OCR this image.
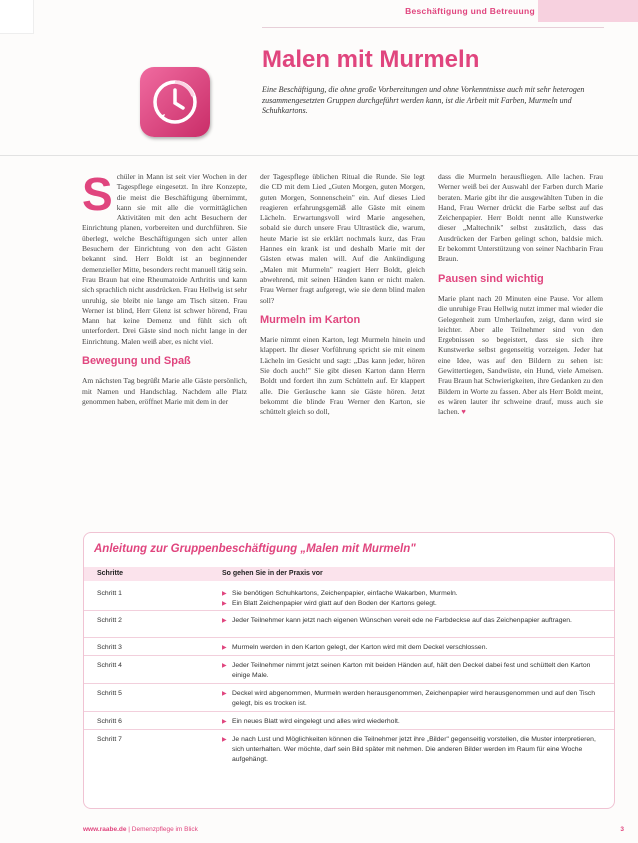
Beschäftigung und Betreuung
Malen mit Murmeln

Eine Beschäftigung, die ohne große Vorbereitungen und ohne Vorkenntnisse auch mit sehr heterogen zusammengesetzten Gruppen durchgeführt werden kann, ist die Arbeit mit Farben, Murmeln und Schuhkartons.

S chüler in Mann ist seit vier Wochen in der Tagespflege eingesetzt. In ihre Konzepte, die meist die Beschäftigung übernimmt, kann sie mit alle die vormittäglichen Aktivitäten mit den acht Besuchern der Einrichtung planen, vorbereiten und durchführen. Sie überlegt, welche Beschäftigungen sich unter allen Besuchern der Einrichtung von den acht Gästen bekannt sind. Herr Boldt ist an beginnender demenzieller Mitte, besonders recht manuell tätig sein. Frau Braun hat eine Rheumatoide Arthritis und kann sich sprachlich nicht ausdrücken. Frau Hellwig ist sehr unruhig, sie bleibt nie lange am Tisch sitzen. Frau Werner ist blind, Herr Glenz ist schwer hörend, Frau Mann hat keine Demenz und fühlt sich oft unterfordert. Drei Gäste sind noch nicht lange in der Einrichtung. Malen weiß aber, es nicht viel.

Bewegung und Spaß

Am nächsten Tag begrüßt Marie alle Gäste persönlich, mit Namen und Handschlag. Nachdem alle Platz genommen haben, eröffnet Marie mit dem in der

der Tagespflege üblichen Ritual die Runde. Sie legt die CD mit dem Lied „Guten Morgen, guten Morgen, guten Morgen, Sonnenschein" ein. Auf dieses Lied reagieren erfahrungsgemäß alle Gäste mit einem Lächeln. Erwartungsvoll wird Marie angesehen, sobald sie durch unsere Frau Ultrastück die, warum, heute Marie ist sie erklärt nochmals kurz, das Frau Hannes ein krank ist und deshalb Marie mit der Gästen etwas malen will. Auf die Ankündigung „Malen mit Murmeln" reagiert Herr Boldt, gleich abwehrend, mit seinen Händen kann er nicht malen. Frau Werner fragt aufgeregt, wie sie denn blind malen soll?

Murmeln im Karton

Marie nimmt einen Karton, legt Murmeln hinein und klappert. Ihr dieser Vorführung spricht sie mit einem Lächeln im Gesicht und sagt: „Das kann jeder, hören Sie doch auch!" Sie gibt diesen Karton dann Herrn Boldt und fordert ihn zum Schütteln auf. Er klappert alle. Die Geräusche kann sie Gäste hören. Jetzt bekommt die blinde Frau Werner den Karton, sie schüttelt gleich so doll,

dass die Murmeln herausfliegen. Alle lachen. Frau Werner weiß bei der Auswahl der Farben durch Marie beraten. Marie gibt ihr die ausgewählten Tuben in die Hand, Frau Werner drückt die Farbe selbst auf das Zeichenpapier. Herr Boldt nennt alle Kunstwerke dieser „Maltechnik" selbst zusätzlich, dass das Ausdrücken der Farben gelingt schon, baldsie mich. Er bekommt Unterstützung von seiner Nachbarin Frau Braun.

Pausen sind wichtig

Marie plant nach 20 Minuten eine Pause. Vor allem die unruhige Frau Hellwig nutzt immer mal wieder die Gelegenheit zum Umherlaufen, zeigt, dann wird sie leichter. Aber alle Teilnehmer sind von den Ergebnissen so begeistert, dass sie sich ihre Kunstwerke selbst gegenseitig vorzeigen. Jeder hat eine Idee, was auf den Bildern zu sehen ist: Gewittertiegen, Sandwüste, ein Hund, viele Ameisen. Frau Braun hat Schwierigkeiten, ihre Gedanken zu den Bildern in Worte zu fassen. Aber als Herr Boldt meint, es wären lauter ihr schweine drauf, muss auch sie lachen. ♥

Anleitung zur Gruppenbeschäftigung „Malen mit Murmeln"
Schritte	So gehen Sie in der Praxis vor
Schritt 1	▶ Sie benötigen Schuhkartons, Zeichenpapier, einfache Wakarben, Murmeln.
▶ Ein Blatt Zeichenpapier wird glatt auf den Boden der Kartons gelegt.
Schritt 2	▶ Jeder Teilnehmer kann jetzt nach eigenen Wünschen vereit ede ne Farbdeckse auf das Zeichenpapier auftragen.
Schritt 3	▶ Murmeln werden in den Karton gelegt, der Karton wird mit dem Deckel verschlossen.
Schritt 4	▶ Jeder Teilnehmer nimmt jetzt seinen Karton mit beiden Händen auf, hält den Deckel dabei fest und schüttelt den Karton einige Male.
Schritt 5	▶ Deckel wird abgenommen, Murmeln werden herausgenommen, Zeichenpapier wird herausgenommen und auf den Tisch gelegt, bis es trocken ist.
Schritt 6	▶ Ein neues Blatt wird eingelegt und alles wird wiederholt.
Schritt 7	▶ Je nach Lust und Möglichkeiten können die Teilnehmer jetzt ihre „Bilder" gegenseitig vorstellen, die Muster interpretieren, sich unterhalten. Wer möchte, darf sein Bild später mit nehmen. Die anderen Bilder werden im Raum für eine Woche aufgehängt.
www.raabe.de | Demenzpflege im Blick	3
